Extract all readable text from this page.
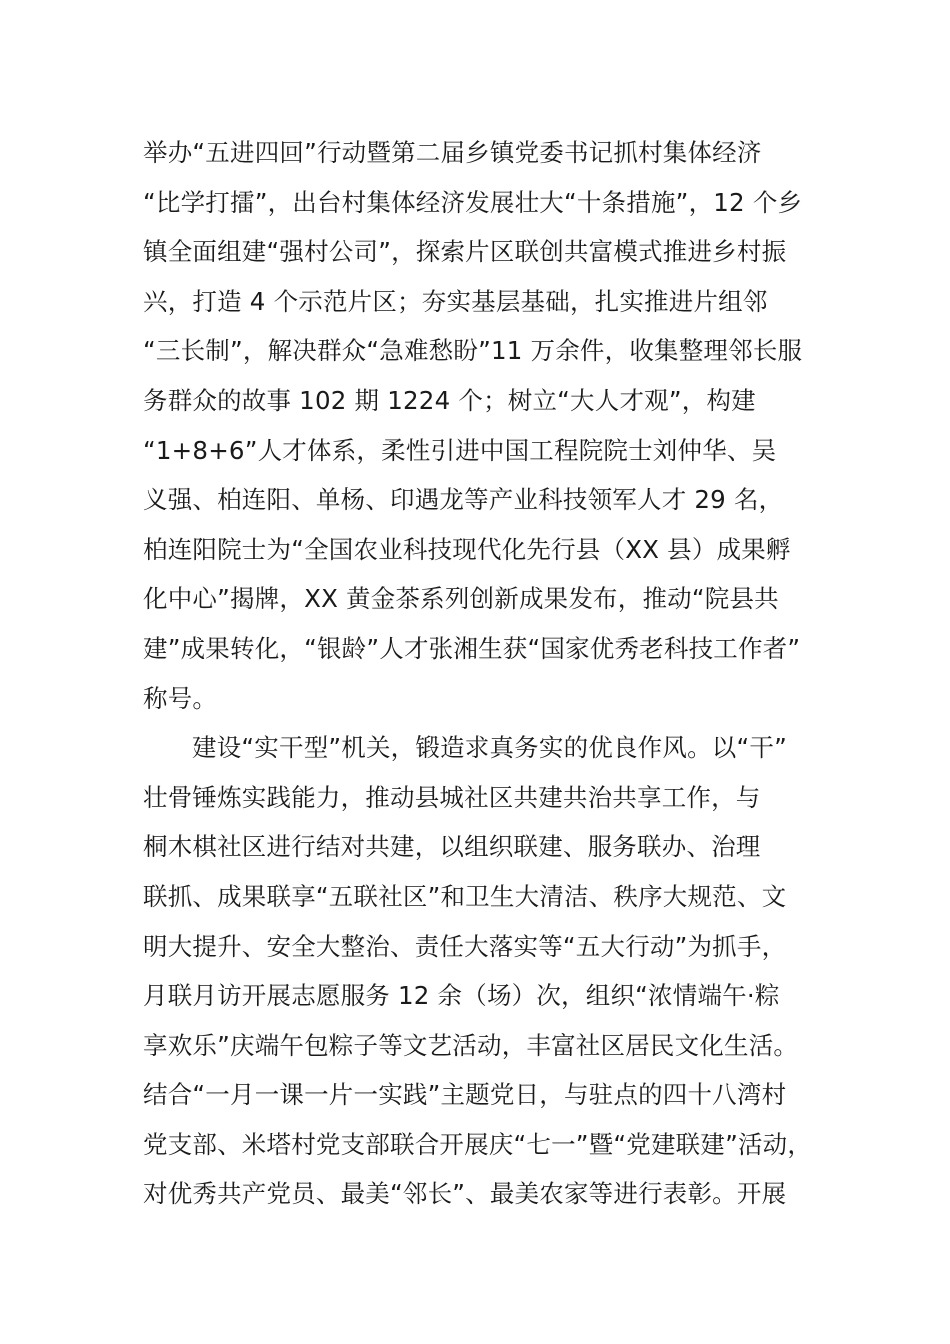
举办“五进四回”行动暨第二届乡镇党委书记抓村集体经济
“比学打擂”，出台村集体经济发展壮大“十条措施”，12 个乡
镇全面组建“强村公司”，探索片区联创共富模式推进乡村振
兴，打造 4 个示范片区；夯实基层基础，扎实推进片组邻
“三长制”，解决群众“急难愁盼”11 万余件，收集整理邻长服
务群众的故事 102 期 1224 个；树立“大人才观”，构建
“1+8+6”人才体系，柔性引进中国工程院院士刘仲华、吴
义强、柏连阳、单杨、印遇龙等产业科技领军人才 29 名，
柏连阳院士为“全国农业科技现代化先行县（XX 县）成果孵
化中心”揭牌，XX 黄金茶系列创新成果发布，推动“院县共
建”成果转化，“银龄”人才张湘生获“国家优秀老科技工作者”
称号。
建设“实干型”机关，锻造求真务实的优良作风。以“干”
壮骨锤炼实践能力，推动县城社区共建共治共享工作，与
桐木棋社区进行结对共建，以组织联建、服务联办、治理
联抓、成果联享“五联社区”和卫生大清洁、秩序大规范、文
明大提升、安全大整治、责任大落实等“五大行动”为抓手，
月联月访开展志愿服务 12 余（场）次，组织“浓情端午·粽
享欢乐”庆端午包粽子等文艺活动，丰富社区居民文化生活。
结合“一月一课一片一实践”主题党日，与驻点的四十八湾村
党支部、米塔村党支部联合开展庆“七一”暨“党建联建”活动，
对优秀共产党员、最美“邻长”、最美农家等进行表彰。开展
